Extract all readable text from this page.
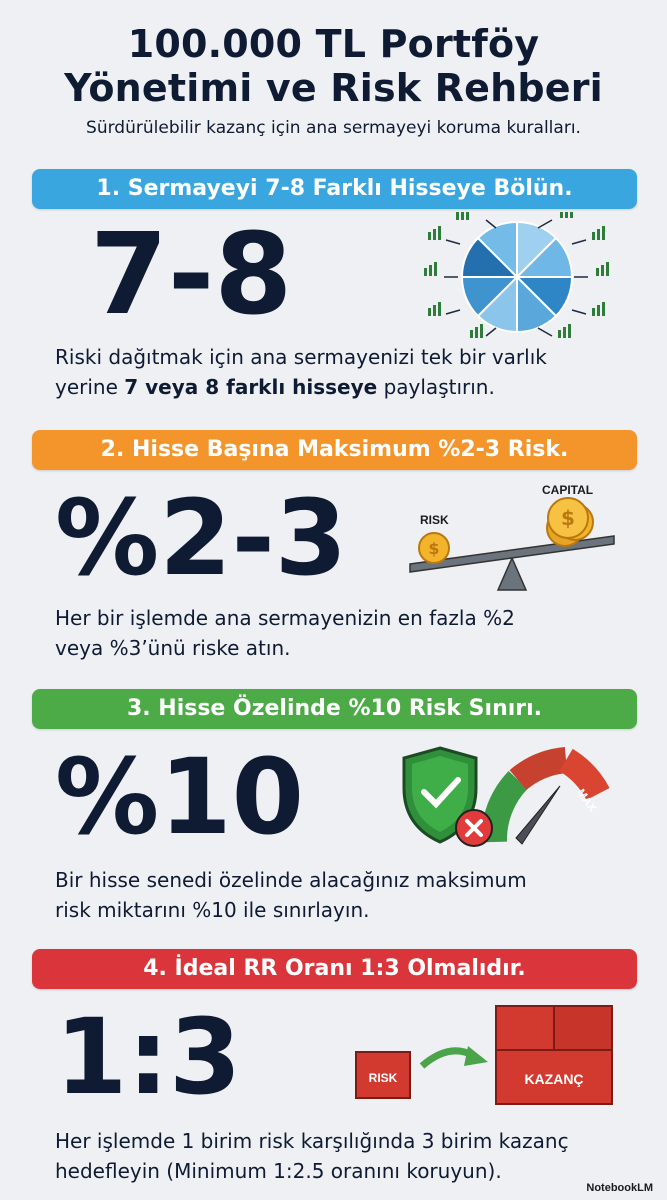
100.000 TL Portföy
Yönetimi ve Risk Rehberi
Sürdürülebilir kazanç için ana sermayeyi koruma kuralları.
1. Sermayeyi 7-8 Farklı Hisseye Bölün.
7-8
Riski dağıtmak için ana sermayenizi tek bir varlık
yerine 7 veya 8 farklı hisseye paylaştırın.
2. Hisse Başına Maksimum %2-3 Risk.
%2-3	RISK
CAPITAL
$
$
Her bir işlemde ana sermayenizin en fazla %2
veya %3’ünü riske atın.
3. Hisse Özelinde %10 Risk Sınırı.
%10	MAX
Bir hisse senedi özelinde alacağınız maksimum
risk miktarını %10 ile sınırlayın.
4. İdeal RR Oranı 1:3 Olmalıdır.
1:3	RISK	KAZANÇ
Her işlemde 1 birim risk karşılığında 3 birim kazanç
hedefleyin (Minimum 1:2.5 oranını koruyun).
NotebookLM
